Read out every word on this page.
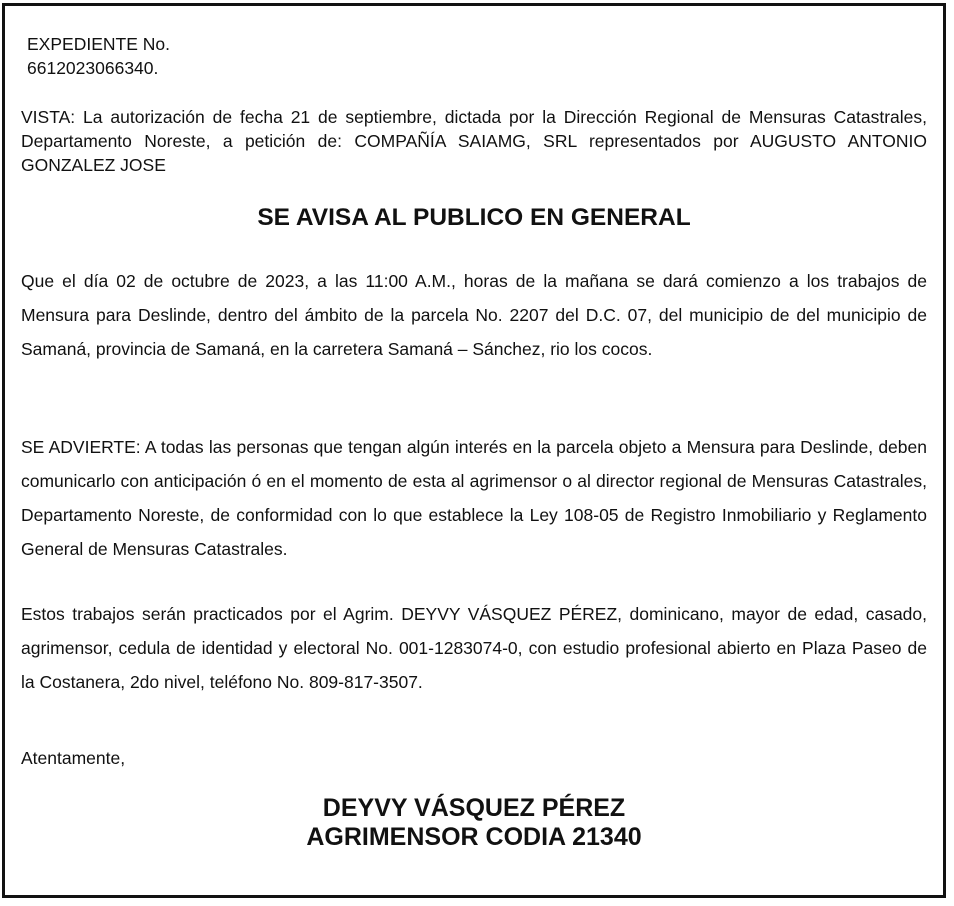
EXPEDIENTE No.
6612023066340.
VISTA: La autorización de fecha 21 de septiembre, dictada por la Dirección Regional de Mensuras Catastrales, Departamento Noreste, a petición de: COMPAÑÍA SAIAMG, SRL representados por AUGUSTO ANTONIO GONZALEZ JOSE
SE AVISA AL PUBLICO EN GENERAL
Que el día 02 de octubre de 2023, a las 11:00 A.M., horas de la mañana se dará comienzo a los trabajos de Mensura para Deslinde, dentro del ámbito de la parcela No. 2207 del D.C. 07, del municipio de del municipio de Samaná, provincia de Samaná, en la carretera Samaná – Sánchez, rio los cocos.
SE ADVIERTE: A todas las personas que tengan algún interés en la parcela objeto a Mensura para Deslinde, deben comunicarlo con anticipación ó en el momento de esta al agrimensor o al director regional de Mensuras Catastrales, Departamento Noreste, de conformidad con lo que establece la Ley 108-05 de Registro Inmobiliario y Reglamento General de Mensuras Catastrales.
Estos trabajos serán practicados por el Agrim. DEYVY VÁSQUEZ PÉREZ, dominicano, mayor de edad, casado, agrimensor, cedula de identidad y electoral No. 001-1283074-0, con estudio profesional abierto en Plaza Paseo de la Costanera, 2do nivel, teléfono No. 809-817-3507.
Atentamente,
DEYVY VÁSQUEZ PÉREZ
AGRIMENSOR CODIA 21340
